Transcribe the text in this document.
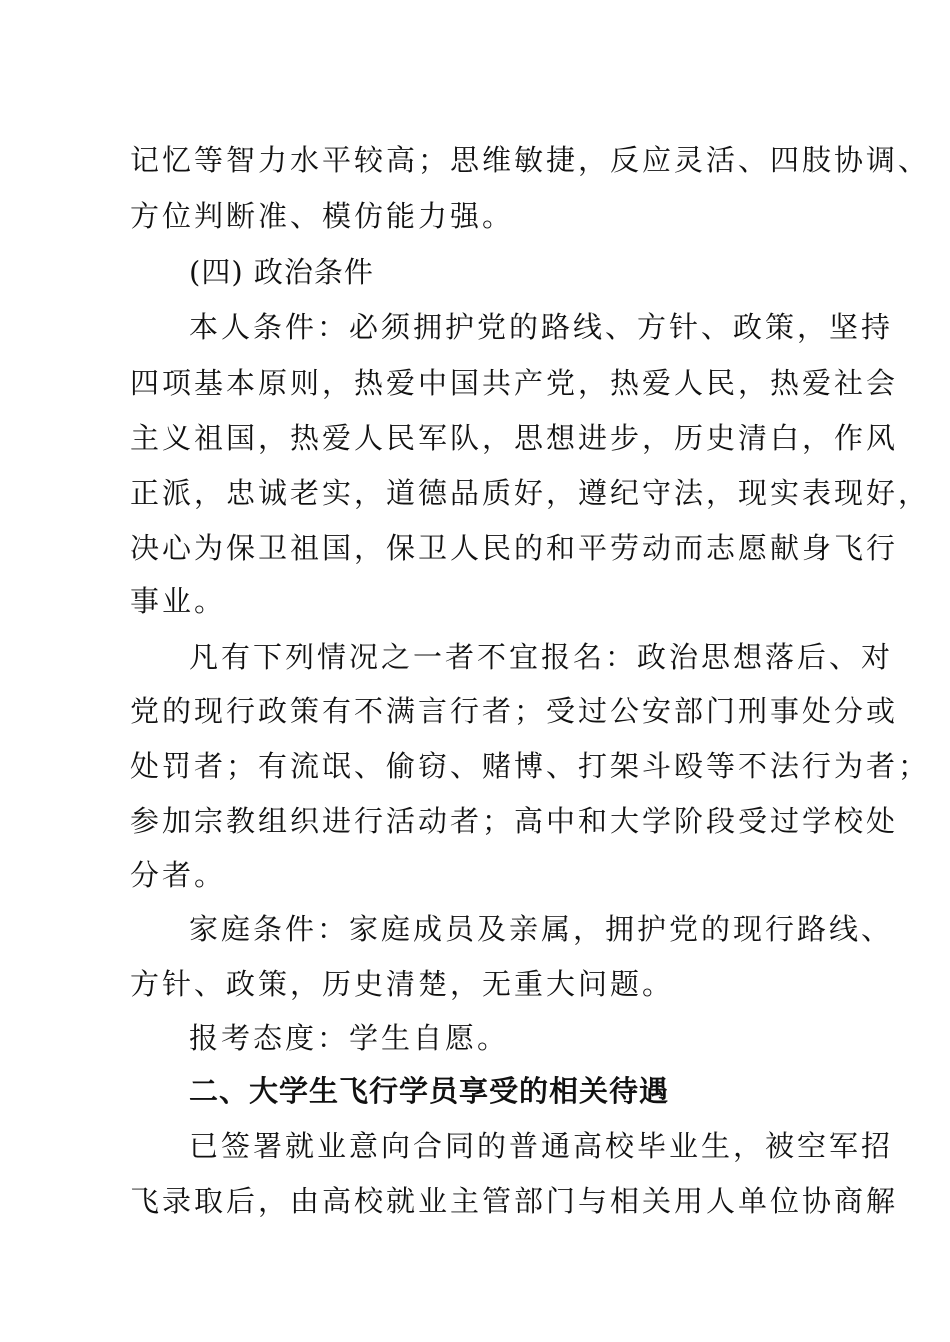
记忆等智力水平较高；思维敏捷，反应灵活、四肢协调、
方位判断准、模仿能力强。
(四) 政治条件
本人条件：必须拥护党的路线、方针、政策，坚持
四项基本原则，热爱中国共产党，热爱人民，热爱社会
主义祖国，热爱人民军队，思想进步，历史清白，作风
正派，忠诚老实，道德品质好，遵纪守法，现实表现好，
决心为保卫祖国，保卫人民的和平劳动而志愿献身飞行
事业。
凡有下列情况之一者不宜报名：政治思想落后、对
党的现行政策有不满言行者；受过公安部门刑事处分或
处罚者；有流氓、偷窃、赌博、打架斗殴等不法行为者；
参加宗教组织进行活动者；高中和大学阶段受过学校处
分者。
家庭条件：家庭成员及亲属，拥护党的现行路线、
方针、政策，历史清楚，无重大问题。
报考态度：学生自愿。
二、大学生飞行学员享受的相关待遇
已签署就业意向合同的普通高校毕业生，被空军招
飞录取后，由高校就业主管部门与相关用人单位协商解
